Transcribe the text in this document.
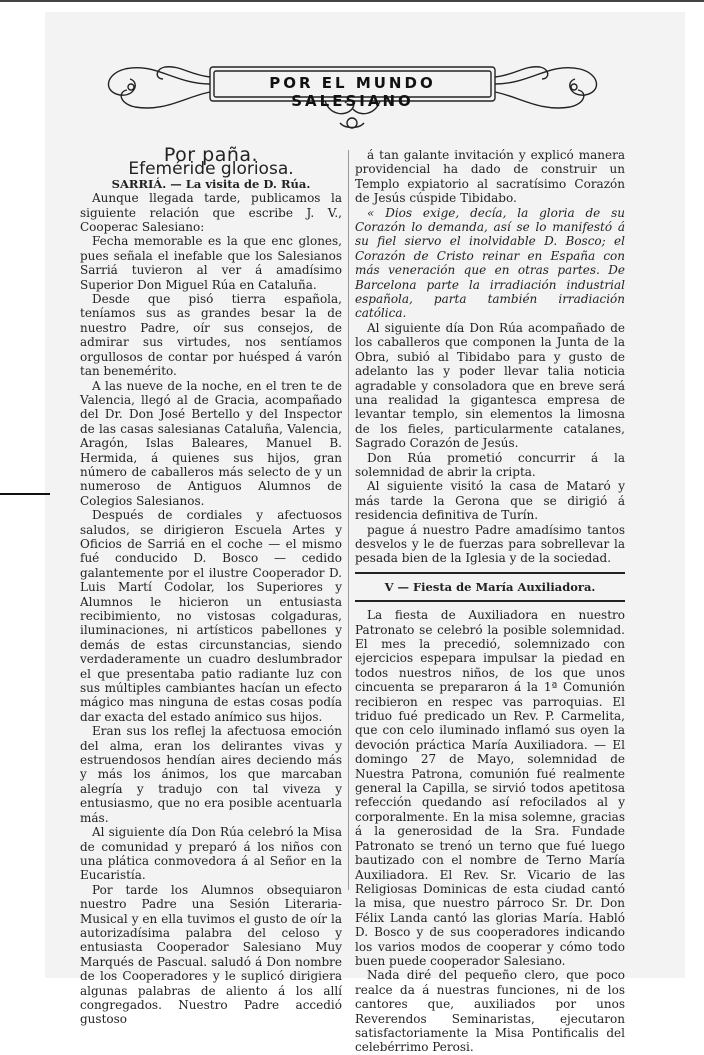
POR EL MUNDO SALESIANO

Por paña.

Efeméride gloriosa.

SARRIÁ. — La visita de D. Rúa.

Aunque llegada tarde, publicamos la siguiente relación que escribe J. V., Cooperac Salesiano:

Fecha memorable es la que enc glones, pues señala el inefable que los Salesianos Sarriá tuvieron al ver á amadísimo Superior Don Miguel Rúa en Cataluña.

Desde que pisó tierra española, teníamos sus as grandes besar la de nuestro Padre, oír sus consejos, de admirar sus virtudes, nos sentíamos orgullosos de contar por huésped á varón tan benemérito.

A las nueve de la noche, en el tren te de Valencia, llegó al de Gracia, acompañado del Dr. Don José Bertello y del Inspector de las casas salesianas Cataluña, Valencia, Aragón, Islas Baleares, Manuel B. Hermida, á quienes sus hijos, gran número de caballeros más selecto de y un numeroso de Antiguos Alumnos de Colegios Salesianos.

Después de cordiales y afectuosos saludos, se dirigieron Escuela Artes y Oficios de Sarriá en el coche — el mismo fué conducido D. Bosco — cedido galantemente por el ilustre Cooperador D. Luis Martí Codolar, los Superiores y Alumnos le hicieron un entusiasta recibimiento, no vistosas colgaduras, iluminaciones, ni artísticos pabellones y demás de estas circunstancias, siendo verdaderamente un cuadro deslumbrador el que presentaba patio radiante luz con sus múltiples cambiantes hacían un efecto mágico mas ninguna de estas cosas podía dar exacta del estado anímico sus hijos.

Eran sus los reflej la afectuosa emoción del alma, eran los delirantes vivas y estruendosos hendían aires deciendo más y más los ánimos, los que marcaban alegría y tradujo con tal viveza y entusiasmo, que no era posible acentuarla más.

Al siguiente día Don Rúa celebró la Misa de comunidad y preparó á los niños con una plática conmovedora á al Señor en la Eucaristía.

Por tarde los Alumnos obsequiaron nuestro Padre una Sesión Literaria-Musical y en ella tuvimos el gusto de oír la autorizadísima palabra del celoso y entusiasta Cooperador Salesiano Muy Marqués de Pascual. saludó á Don nombre de los Cooperadores y le suplicó dirigiera algunas palabras de aliento á los allí congregados. Nuestro Padre accedió gustoso

á tan galante invitación y explicó manera providencial ha dado de construir un Templo expiatorio al sacratísimo Corazón de Jesús cúspide Tibidabo.

« Dios exige, decía, la gloria de su Corazón lo demanda, así se lo manifestó á su fiel siervo el inolvidable D. Bosco; el Corazón de Cristo reinar en España con más veneración que en otras partes. De Barcelona parte la irradiación industrial española, parta también irradiación católica.

Al siguiente día Don Rúa acompañado de los caballeros que componen la Junta de la Obra, subió al Tibidabo para y gusto de adelanto las y poder llevar talia noticia agradable y consoladora que en breve será una realidad la gigantesca empresa de levantar templo, sin elementos la limosna de los fieles, particularmente catalanes, Sagrado Corazón de Jesús.

Don Rúa prometió concurrir á la solemnidad de abrir la cripta.

Al siguiente visitó la casa de Mataró y más tarde la Gerona que se dirigió á residencia definitiva de Turín.

pague á nuestro Padre amadísimo tantos desvelos y le de fuerzas para sobrellevar la pesada bien de la Iglesia y de la sociedad.

V — Fiesta de María Auxiliadora.

La fiesta de Auxiliadora en nuestro Patronato se celebró la posible solemnidad. El mes la precedió, solemnizado con ejercicios espepara impulsar la piedad en todos nuestros niños, de los que unos cincuenta se prepararon á la 1ª Comunión recibieron en respec vas parroquias. El triduo fué predicado un Rev. P. Carmelita, que con celo iluminado inflamó sus oyen la devoción práctica María Auxiliadora. — El domingo 27 de Mayo, solemnidad de Nuestra Patrona, comunión fué realmente general la Capilla, se sirvió todos apetitosa refección quedando así refocilados al y corporalmente. En la misa solemne, gracias á la generosidad de la Sra. Fundade Patronato se trenó un terno que fué luego bautizado con el nombre de Terno María Auxiliadora. El Rev. Sr. Vicario de las Religiosas Dominicas de esta ciudad cantó la misa, que nuestro párroco Sr. Dr. Don Félix Landa cantó las glorias María. Habló D. Bosco y de sus cooperadores indicando los varios modos de cooperar y cómo todo buen puede cooperador Salesiano.

Nada diré del pequeño clero, que poco realce da á nuestras funciones, ni de los cantores que, auxiliados por unos Reverendos Seminaristas, ejecutaron satisfactoriamente la Misa Pontificalis del celebérrimo Perosi.
